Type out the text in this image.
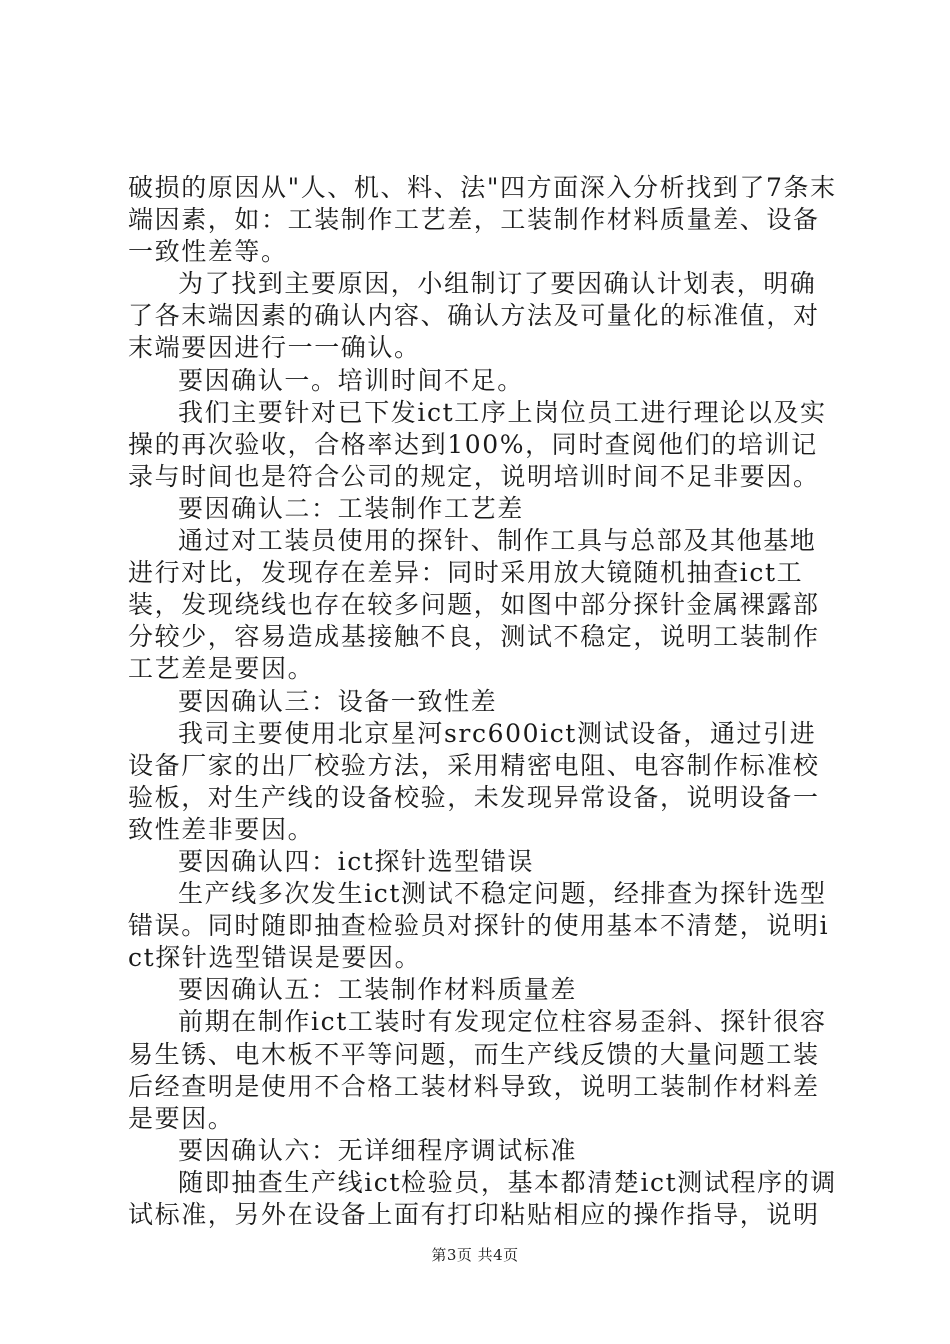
破损的原因从"人、机、料、法"四方面深入分析找到了7条末端因素，如：工装制作工艺差，工装制作材料质量差、设备一致性差等。

为了找到主要原因，小组制订了要因确认计划表，明确了各末端因素的确认内容、确认方法及可量化的标准值，对末端要因进行一一确认。

要因确认一。培训时间不足。

我们主要针对已下发ict工序上岗位员工进行理论以及实操的再次验收，合格率达到100%，同时查阅他们的培训记录与时间也是符合公司的规定，说明培训时间不足非要因。

要因确认二：工装制作工艺差

通过对工装员使用的探针、制作工具与总部及其他基地进行对比，发现存在差异：同时采用放大镜随机抽查ict工装，发现绕线也存在较多问题，如图中部分探针金属裸露部分较少，容易造成基接触不良，测试不稳定，说明工装制作工艺差是要因。

要因确认三：设备一致性差

我司主要使用北京星河src600ict测试设备，通过引进设备厂家的出厂校验方法，采用精密电阻、电容制作标准校验板，对生产线的设备校验，未发现异常设备，说明设备一致性差非要因。

要因确认四：ict探针选型错误

生产线多次发生ict测试不稳定问题，经排查为探针选型错误。同时随即抽查检验员对探针的使用基本不清楚，说明ict探针选型错误是要因。

要因确认五：工装制作材料质量差

前期在制作ict工装时有发现定位柱容易歪斜、探针很容易生锈、电木板不平等问题，而生产线反馈的大量问题工装后经查明是使用不合格工装材料导致，说明工装制作材料差是要因。

要因确认六：无详细程序调试标准

随即抽查生产线ict检验员，基本都清楚ict测试程序的调试标准，另外在设备上面有打印粘贴相应的操作指导，说明

第3页 共4页
